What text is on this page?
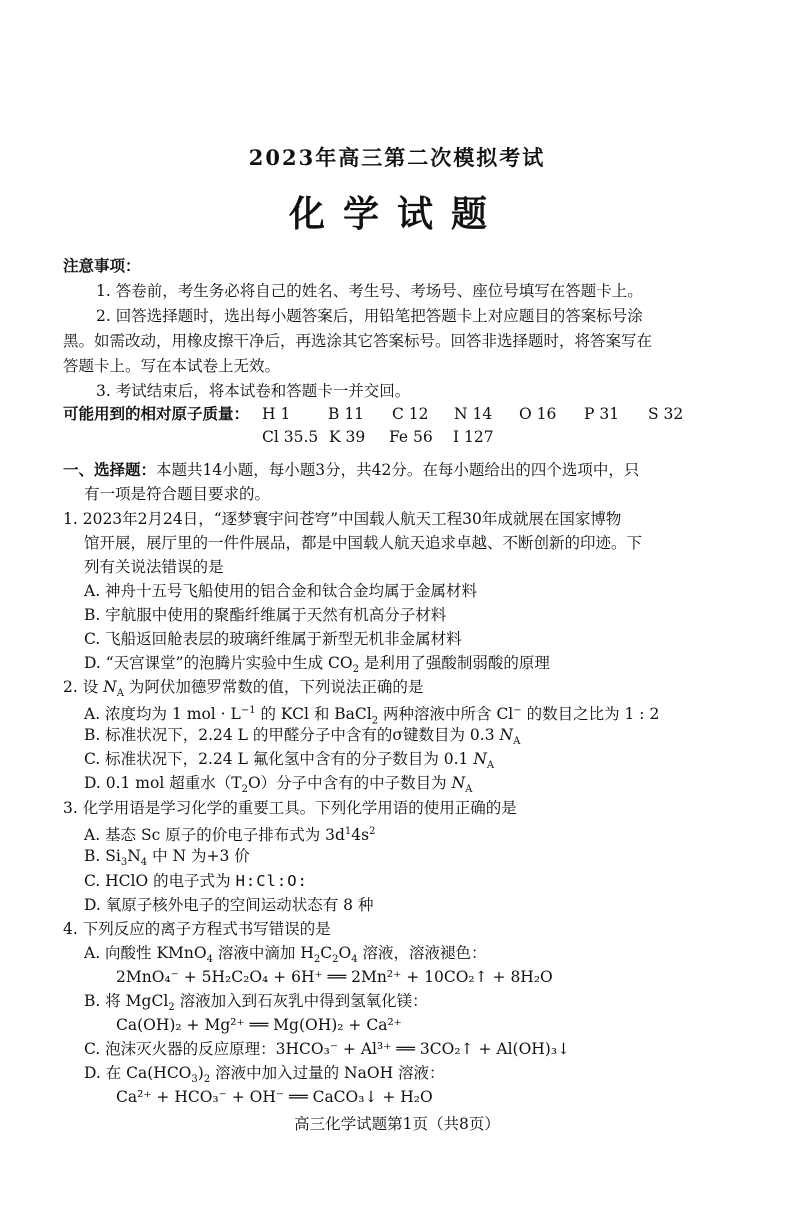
2023年高三第二次模拟考试
化学试题
注意事项：
1. 答卷前，考生务必将自己的姓名、考生号、考场号、座位号填写在答题卡上。
2. 回答选择题时，选出每小题答案后，用铅笔把答题卡上对应题目的答案标号涂
黑。如需改动，用橡皮擦干净后，再选涂其它答案标号。回答非选择题时，将答案写在
答题卡上。写在本试卷上无效。
3. 考试结束后，将本试卷和答题卡一并交回。
可能用到的相对原子质量： H 1 B 11 C 12 N 14 O 16 P 31 S 32
Cl 35.5 K 39 Fe 56 I 127
一、选择题：本题共14小题，每小题3分，共42分。在每小题给出的四个选项中，只
有一项是符合题目要求的。
1. 2023年2月24日，“逐梦寰宇问苍穹”中国载人航天工程30年成就展在国家博物
馆开展，展厅里的一件件展品，都是中国载人航天追求卓越、不断创新的印迹。下
列有关说法错误的是
A. 神舟十五号飞船使用的铝合金和钛合金均属于金属材料
B. 宇航服中使用的聚酯纤维属于天然有机高分子材料
C. 飞船返回舱表层的玻璃纤维属于新型无机非金属材料
D. “天宫课堂”的泡腾片实验中生成 $CO_2$ 是利用了强酸制弱酸的原理
2. 设 $N_A$ 为阿伏加德罗常数的值，下列说法正确的是
A. 浓度均为 1 mol · $L^{-1}$ 的 KCl 和 BaCl$_2$ 两种溶液中所含 Cl− 的数目之比为 1 : 2
B. 标准状况下，2.24 L 的甲醛分子中含有的σ键数目为 0.3 $N_A$
C. 标准状况下，2.24 L 氟化氢中含有的分子数目为 0.1 $N_A$
D. 0.1 mol 超重水$(T_2O)$分子中含有的中子数目为 $N_A$
3. 化学用语是学习化学的重要工具。下列化学用语的使用正确的是
A. 基态 Sc 原子的价电子排布式为 $3d^14s^2$
B. $Si_3N_4$ 中 N 为+3 价
C. HClO 的电子式为 H:Cl:O:
D. 氧原子核外电子的空间运动状态有 8 种
4. 下列反应的离子方程式书写错误的是
A. 向酸性 KMnO$_4$ 溶液中滴加 $H_2C_2O_4$ 溶液，溶液褪色：
2MnO₄⁻ + 5H₂C₂O₄ + 6H⁺ ══ 2Mn²⁺ + 10CO₂↑ + 8H₂O
B. 将 MgCl$_2$ 溶液加入到石灰乳中得到氢氧化镁：
Ca(OH)₂ + Mg²⁺ ══ Mg(OH)₂ + Ca²⁺
C. 泡沫灭火器的反应原理：3HCO₃⁻ + Al³⁺ ══ 3CO₂↑ + Al(OH)₃↓
D. 在 $Ca(HCO_3)_2$ 溶液中加入过量的 NaOH 溶液：
Ca²⁺ + HCO₃⁻ + OH⁻ ══ CaCO₃↓ + H₂O
高三化学试题第1页（共8页）
